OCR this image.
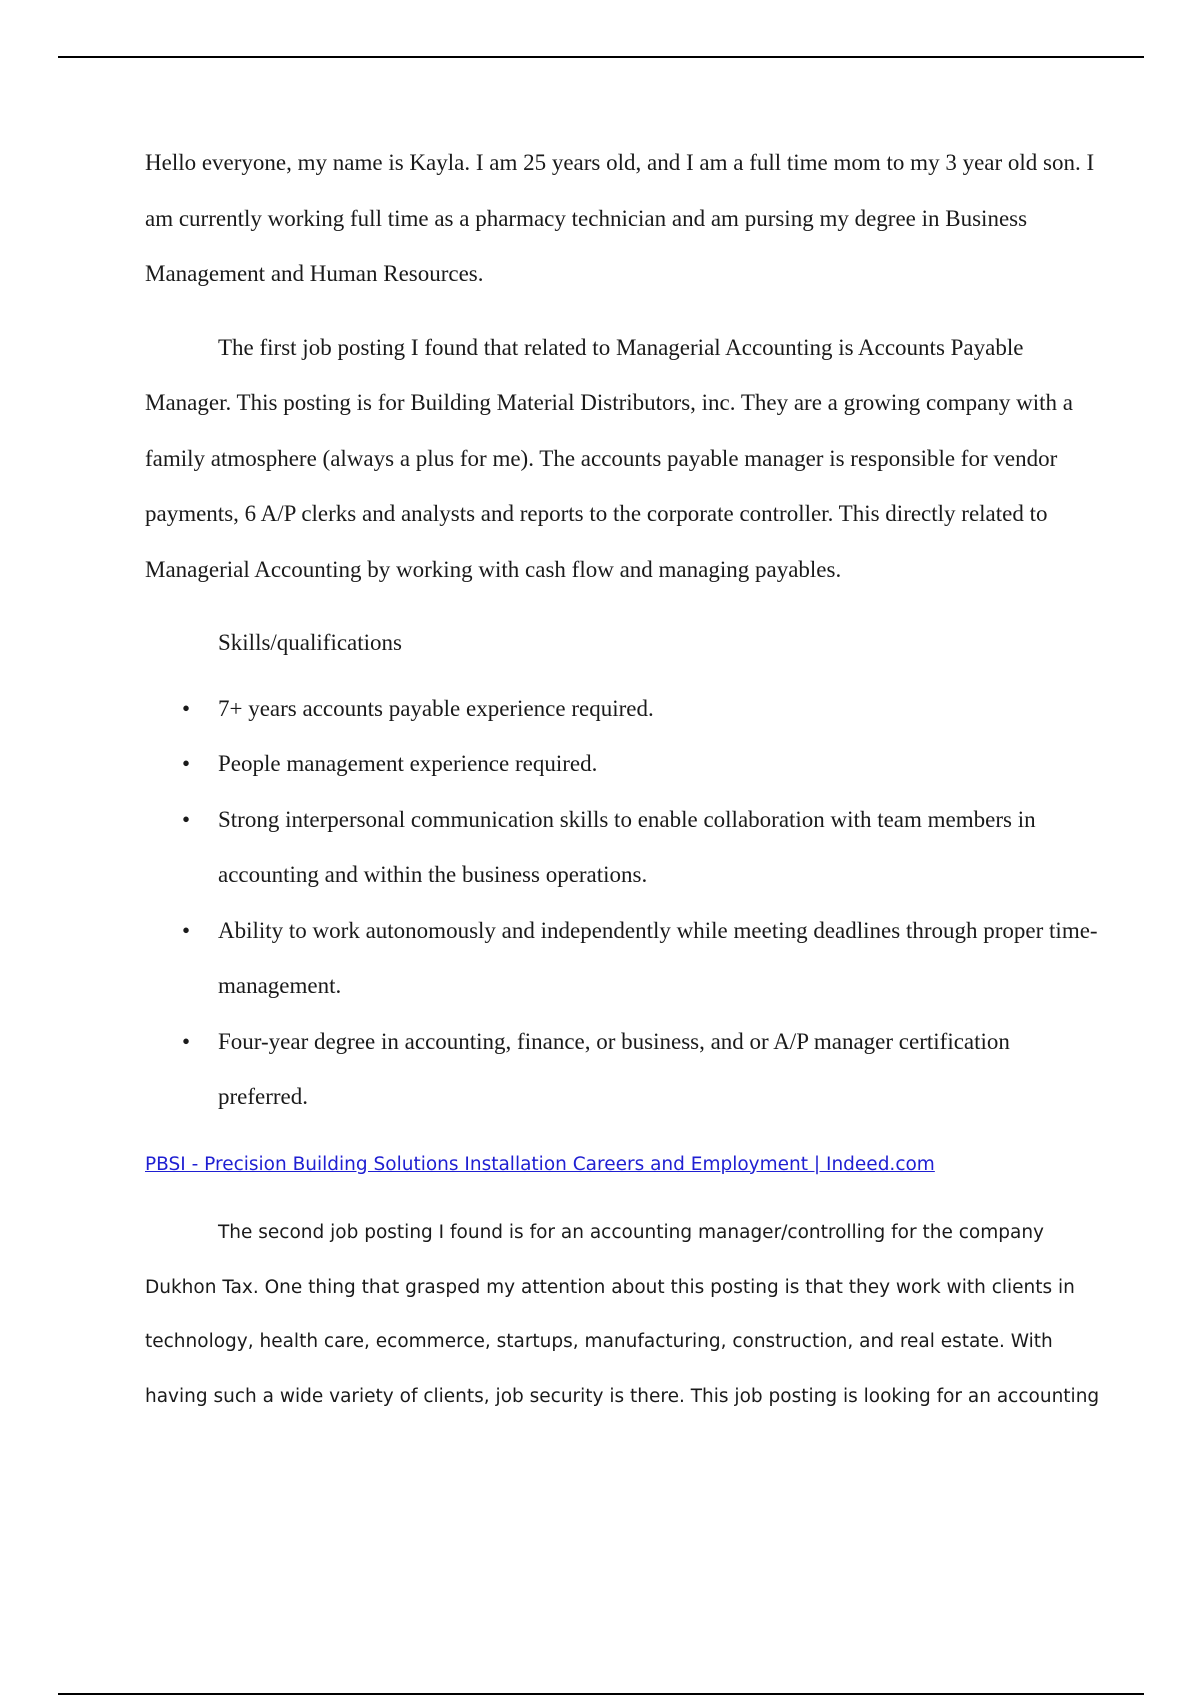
Hello everyone, my name is Kayla. I am 25 years old, and I am a full time mom to my 3 year old son. I am currently working full time as a pharmacy technician and am pursing my degree in Business Management and Human Resources.

The first job posting I found that related to Managerial Accounting is Accounts Payable Manager. This posting is for Building Material Distributors, inc. They are a growing company with a family atmosphere (always a plus for me). The accounts payable manager is responsible for vendor payments, 6 A/P clerks and analysts and reports to the corporate controller. This directly related to Managerial Accounting by working with cash flow and managing payables.

Skills/qualifications

• 7+ years accounts payable experience required.
• People management experience required.
• Strong interpersonal communication skills to enable collaboration with team members in accounting and within the business operations.
• Ability to work autonomously and independently while meeting deadlines through proper time-management.
• Four-year degree in accounting, finance, or business, and or A/P manager certification preferred.
PBSI - Precision Building Solutions Installation Careers and Employment | Indeed.com

The second job posting I found is for an accounting manager/controlling for the company Dukhon Tax. One thing that grasped my attention about this posting is that they work with clients in technology, health care, ecommerce, startups, manufacturing, construction, and real estate. With having such a wide variety of clients, job security is there. This job posting is looking for an accounting
